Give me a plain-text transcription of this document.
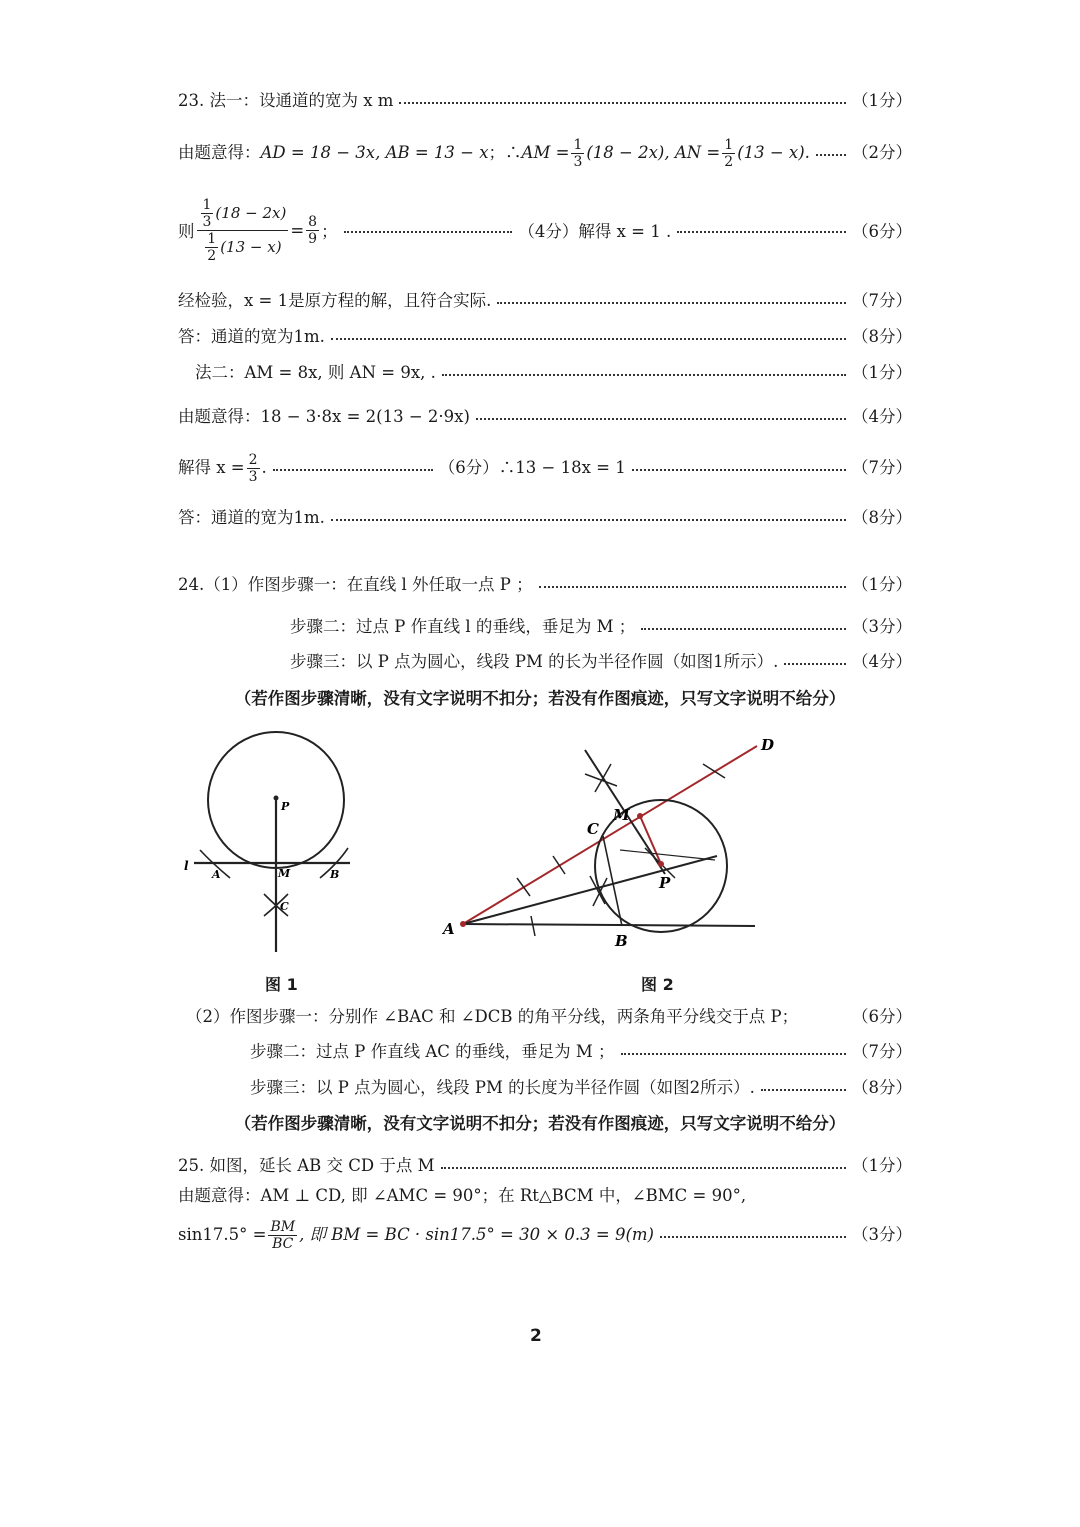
23. 法一：设通道的宽为 x m	（1分）
由题意得： AD = 18 − 3x, AB = 13 − x ；∴ AM = $\frac{1}{3} (18 - 2x)$, AN = $\frac{1}{2} (13 - x)$.	（2分）
则 $\frac{\frac{1}{3} (18 - 2x)}{\frac{1}{2} (13 - x)} = \frac{8}{9}$ ；	（4分）解得 x = 1 .	（6分）
经检验，x = 1是原方程的解，且符合实际.	（7分）
答：通道的宽为1m.	（8分）
法二：AM = 8x, 则 AN = 9x, .	（1分）
由题意得：18 − 3·8x = 2(13 − 2·9x)	（4分）
解得 $x = \frac{2}{3}$ .	（6分）∴13 − 18x = 1	（7分）
答：通道的宽为1m.	（8分）
24.（1）作图步骤一：在直线 l 外任取一点 P ；	（1分）
步骤二：过点 P 作直线 l 的垂线，垂足为 M ；	（3分）
步骤三：以 P 点为圆心，线段 PM 的长为半径作圆（如图1所示）.	（4分）
（若作图步骤清晰，没有文字说明不扣分；若没有作图痕迹，只写文字说明不给分）
P
M
A	B
C
l
图 1
D
M
C
P
A
B
图 2
（2）作图步骤一：分别作 ∠BAC 和 ∠DCB 的角平分线，两条角平分线交于点 P；	（6分）
步骤二：过点 P 作直线 AC 的垂线，垂足为 M ；	（7分）
步骤三：以 P 点为圆心，线段 PM 的长度为半径作圆（如图2所示）.	（8分）
（若作图步骤清晰，没有文字说明不扣分；若没有作图痕迹，只写文字说明不给分）
25. 如图，延长 AB 交 CD 于点 M	（1分）
由题意得：AM ⊥ CD, 即 ∠AMC = 90°；在 Rt△BCM 中，∠BMC = 90°,
$\sin 17.5^\circ = \frac{BM}{BC}$ , 即 BM = BC · sin17.5° = 30 × 0.3 = 9(m)	（3分）
2
